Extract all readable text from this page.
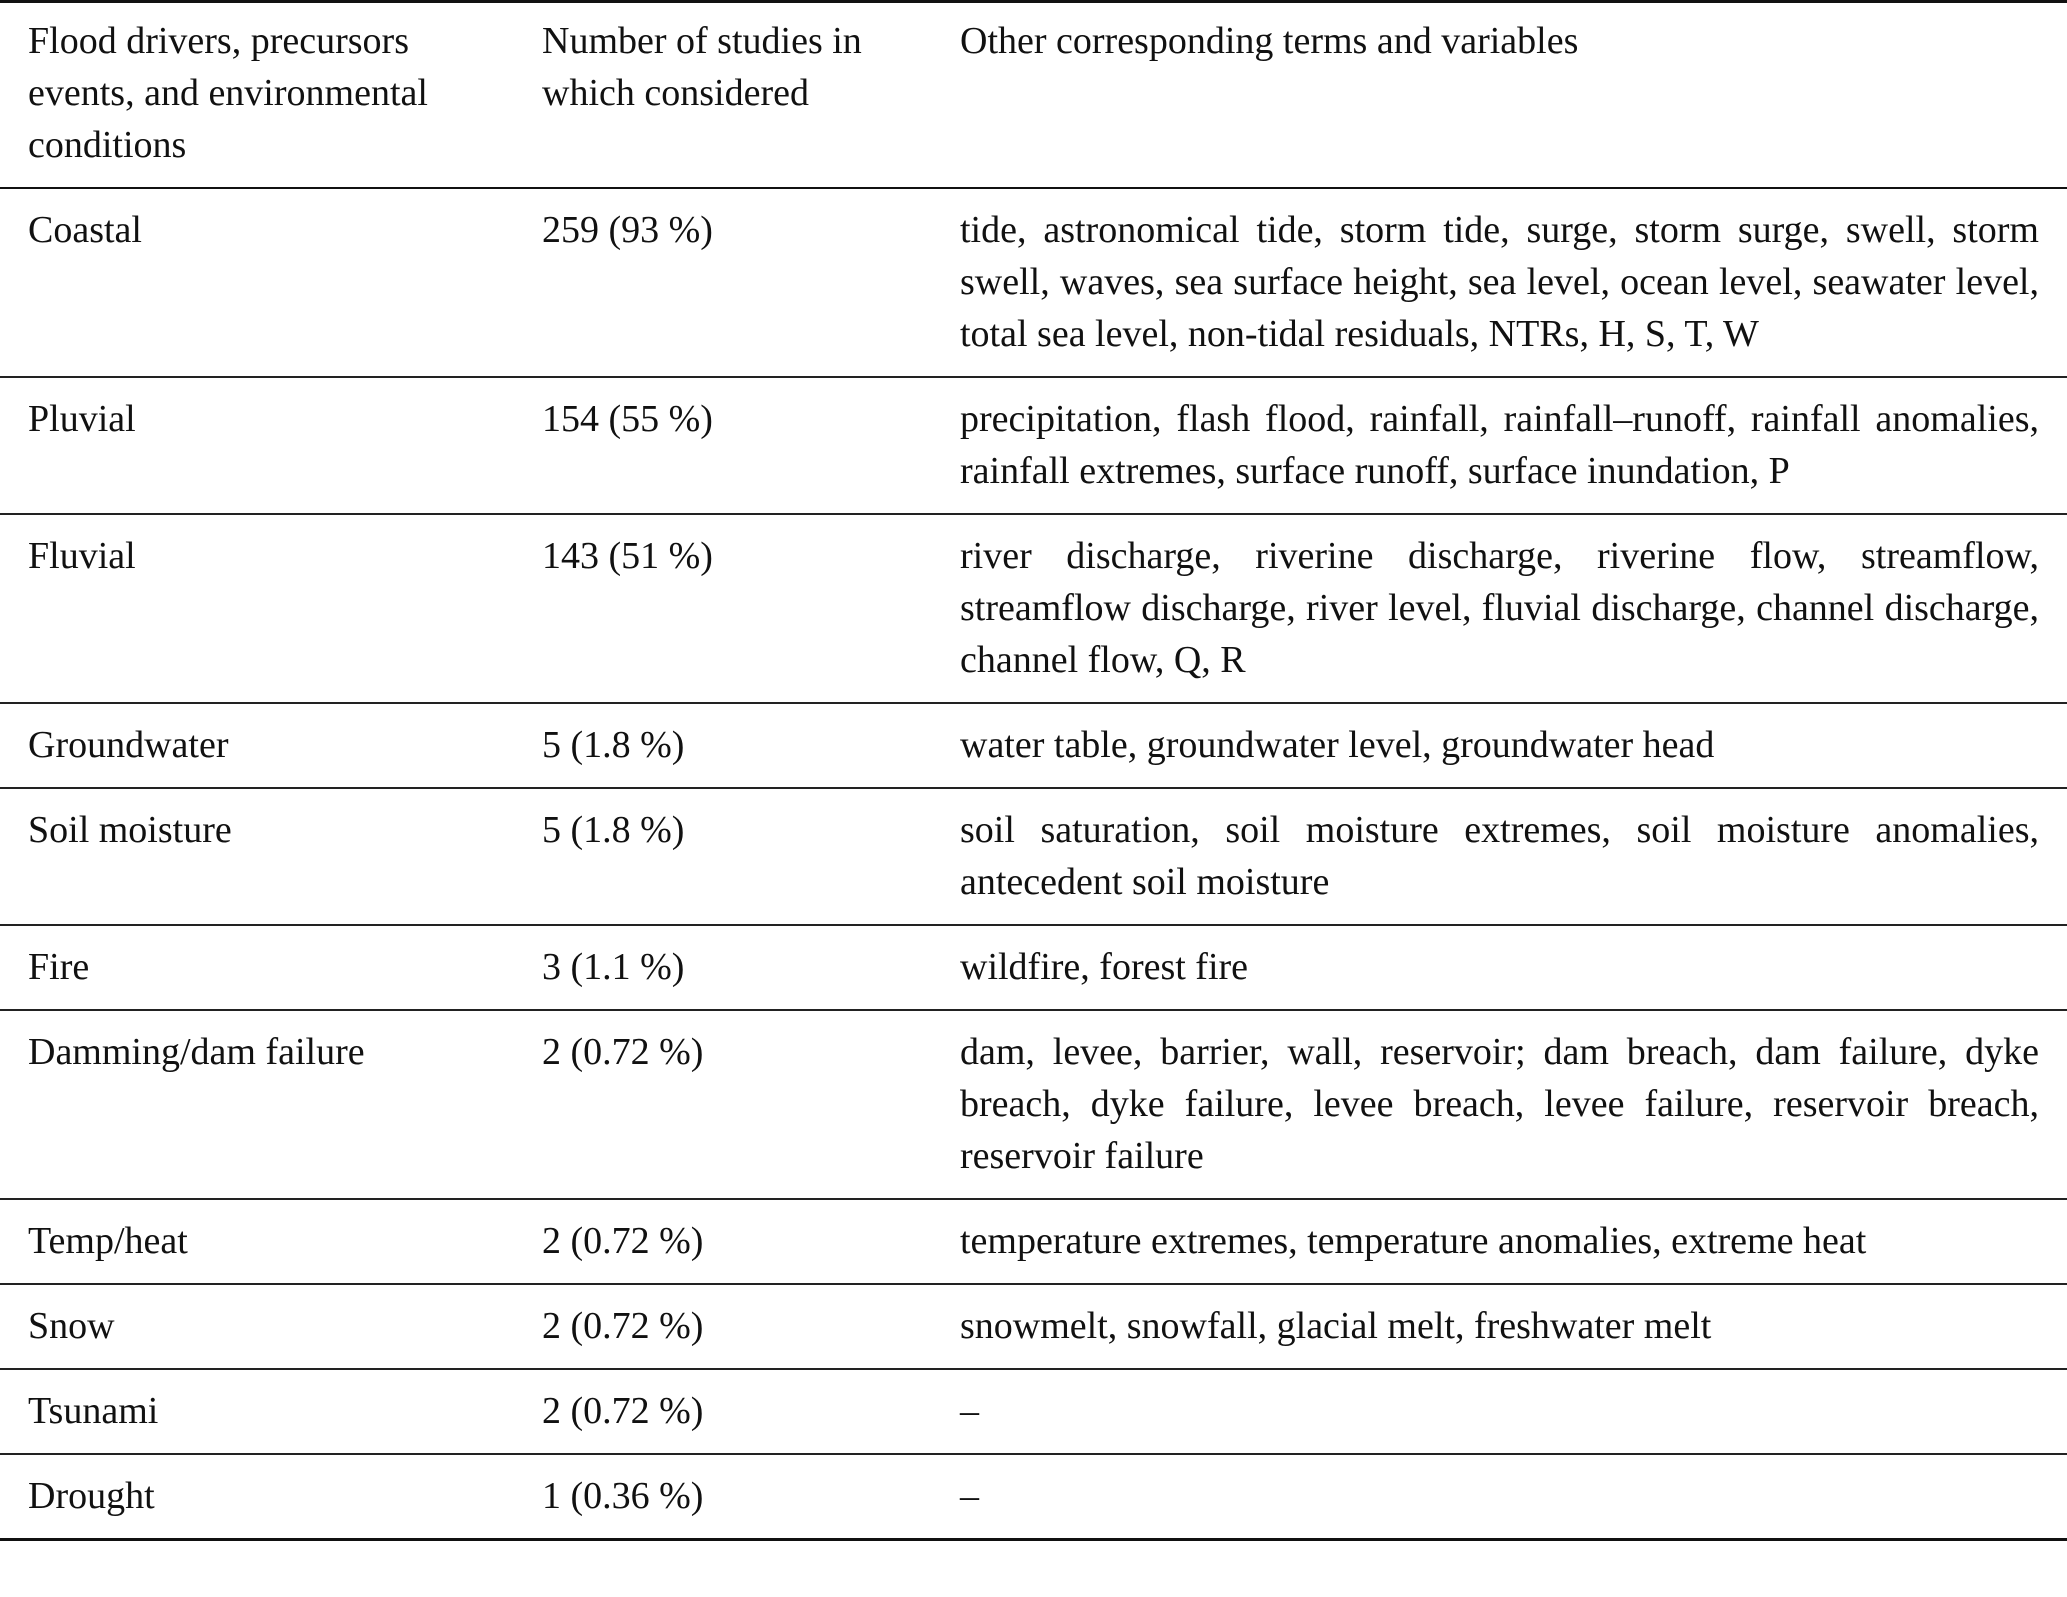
Flood drivers, precursors events, and environmental conditions	Number of studies in which considered	Other corresponding terms and variables
Coastal	259 (93 %)	tide, astronomical tide, storm tide, surge, storm surge, swell, storm swell, waves, sea surface height, sea level, ocean level, seawater level, total sea level, non-tidal residuals, NTRs, H, S, T, W
Pluvial	154 (55 %)	precipitation, flash flood, rainfall, rainfall–runoff, rainfall anomalies, rainfall extremes, surface runoff, surface inundation, P
Fluvial	143 (51 %)	river discharge, riverine discharge, riverine flow, streamflow, streamflow discharge, river level, fluvial discharge, channel discharge, channel flow, Q, R
Groundwater	5 (1.8 %)	water table, groundwater level, groundwater head
Soil moisture	5 (1.8 %)	soil saturation, soil moisture extremes, soil moisture anomalies, antecedent soil moisture
Fire	3 (1.1 %)	wildfire, forest fire
Damming/dam failure	2 (0.72 %)	dam, levee, barrier, wall, reservoir; dam breach, dam failure, dyke breach, dyke failure, levee breach, levee failure, reservoir breach, reservoir failure
Temp/heat	2 (0.72 %)	temperature extremes, temperature anomalies, extreme heat
Snow	2 (0.72 %)	snowmelt, snowfall, glacial melt, freshwater melt
Tsunami	2 (0.72 %)	–
Drought	1 (0.36 %)	–
